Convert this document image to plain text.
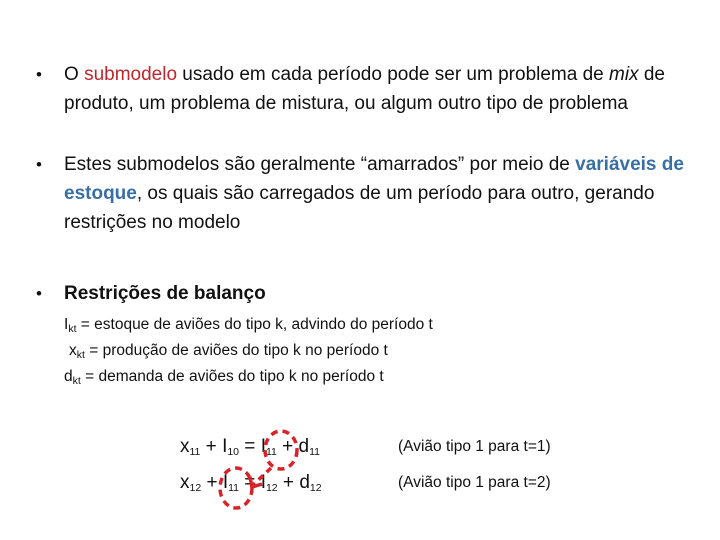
•	O submodelo usado em cada período pode ser um problema de mix de produto, um problema de mistura, ou algum outro tipo de problema
•	Estes submodelos são geralmente “amarrados” por meio de variáveis de estoque, os quais são carregados de um período para outro, gerando restrições no modelo
•	Restrições de balanço
$I_{kt}$ = estoque de aviões do tipo k, advindo do período t
$x_{kt}$ = produção de aviões do tipo k no período t
$d_{kt}$ = demanda de aviões do tipo k no período t
$x_{11} + I_{10} = I_{11} + d_{11}$	(Avião tipo 1 para t=1)
$x_{12} + I_{11} = I_{12} + d_{12}$	(Avião tipo 1 para t=2)
